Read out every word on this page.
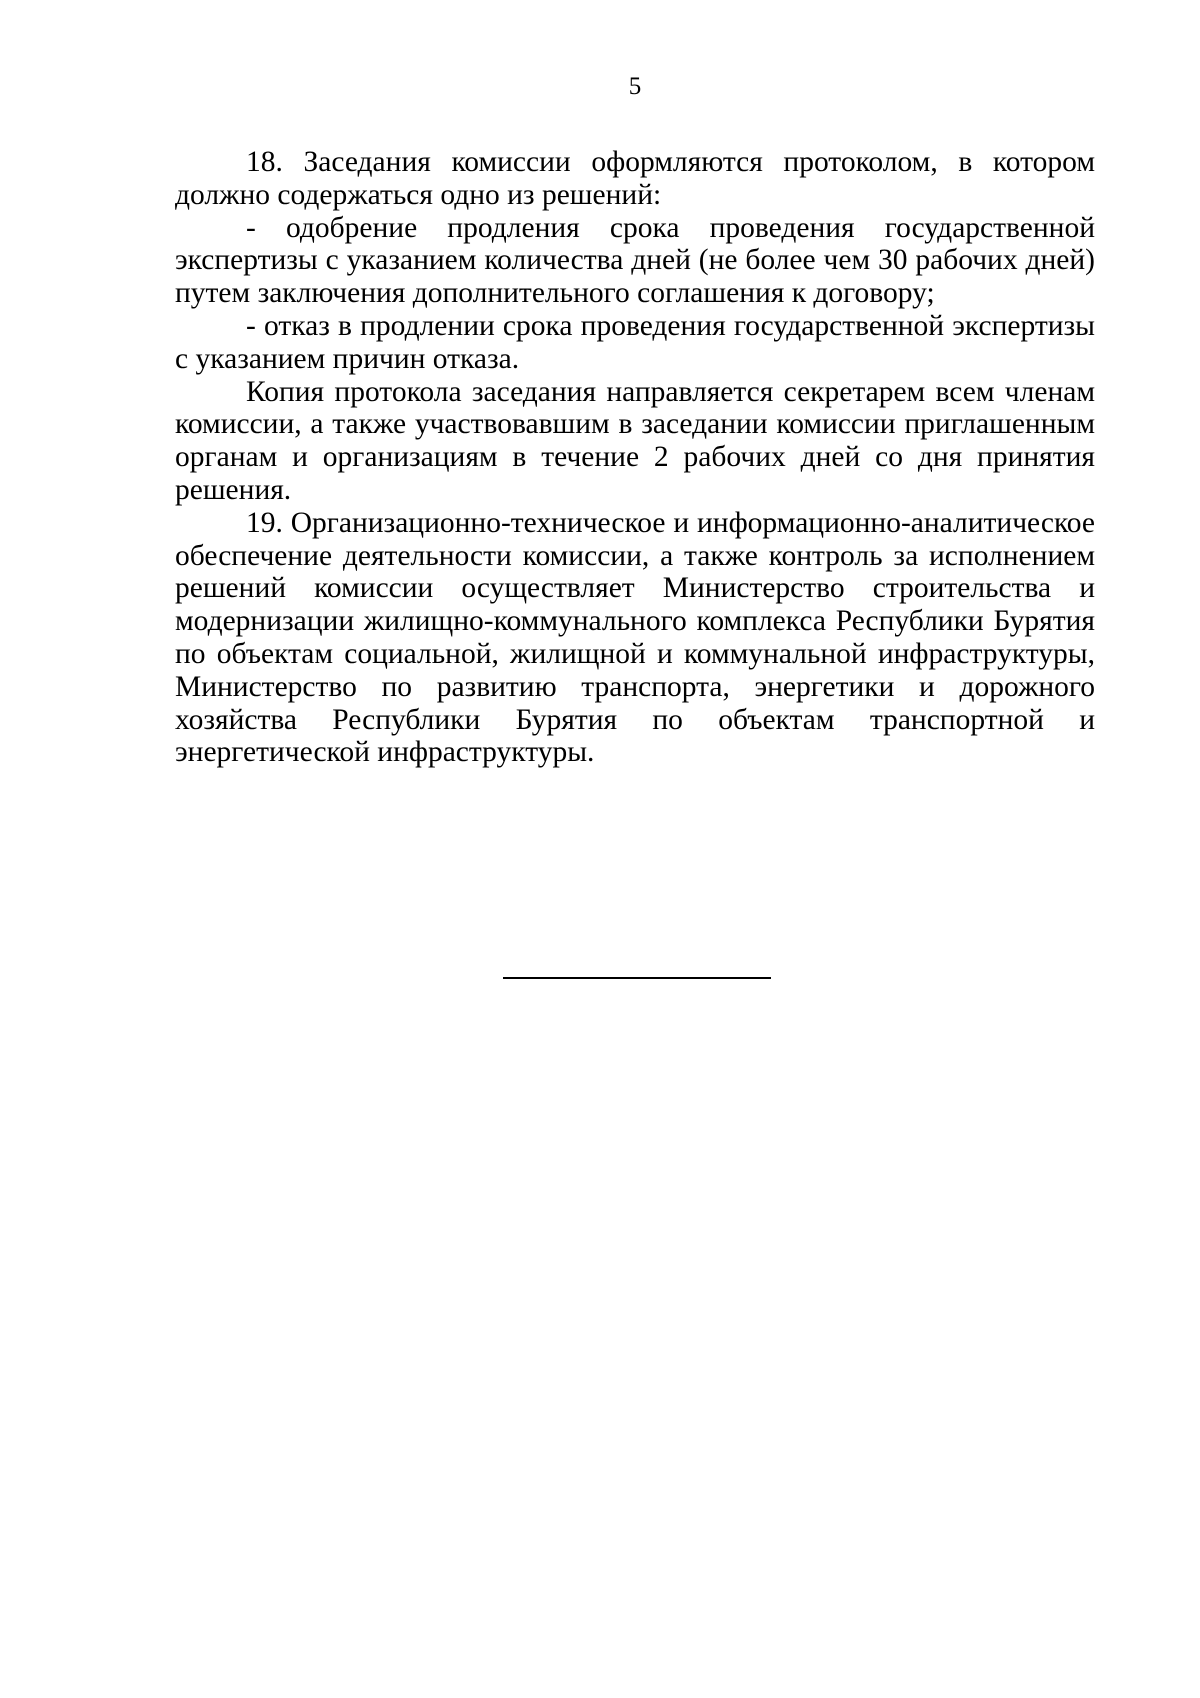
5

18. Заседания комиссии оформляются протоколом, в котором должно содержаться одно из решений:

- одобрение продления срока проведения государственной экспертизы с указанием количества дней (не более чем 30 рабочих дней) путем заключения дополнительного соглашения к договору;

- отказ в продлении срока проведения государственной экспертизы с указанием причин отказа.

Копия протокола заседания направляется секретарем всем членам комиссии, а также участвовавшим в заседании комиссии приглашенным органам и организациям в течение 2 рабочих дней со дня принятия решения.

19. Организационно-техническое и информационно-аналитическое обеспечение деятельности комиссии, а также контроль за исполнением решений комиссии осуществляет Министерство строительства и модернизации жилищно-коммунального комплекса Республики Бурятия по объектам социальной, жилищной и коммунальной инфраструктуры, Министерство по развитию транспорта, энергетики и дорожного хозяйства Республики Бурятия по объектам транспортной и энергетической инфраструктуры.
